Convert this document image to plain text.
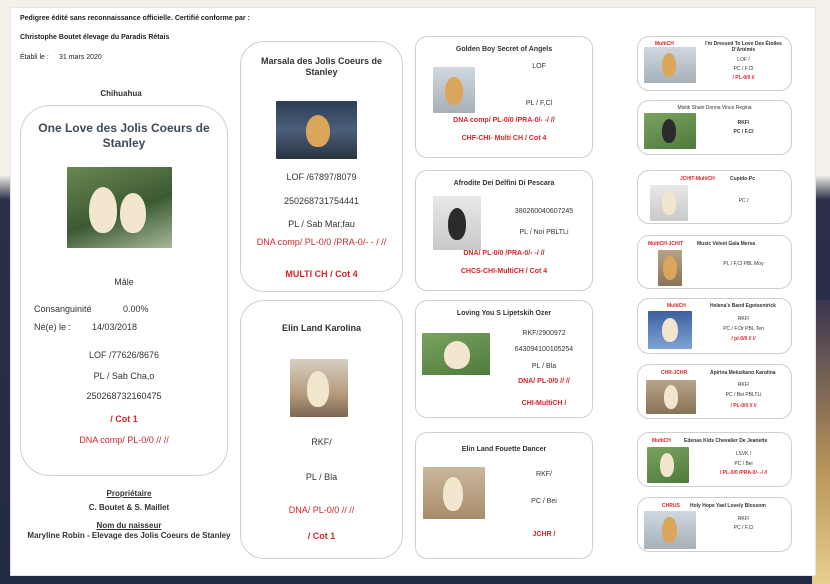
Pedigree édité sans reconnaissance officielle. Certifié conforme par :
Christophe Boutet élevage du Paradis Rétais
Établi le : 31 mars 2020
Chihuahua
One Love des Jolis Coeurs de Stanley
Mâle
Consanguinité	0.00%
Né(e) le : 14/03/2018
LOF /77626/8676
PL / Sab Cha,o
250268732160475
/ Cot 1
DNA comp/ PL-0/0 // //
Propriétaire
C. Boutet & S. Maillet
Nom du naisseur
Maryline Robin - Elevage des Jolis Coeurs de Stanley
Marsala des Jolis Coeurs de Stanley
LOF /67897/8079
250268731754441
PL / Sab Mar,fau
DNA comp/ PL-0/0 /PRA-0/- - / //
MULTI CH / Cot 4
Elin Land Karolina
RKF/
PL / Bla
DNA/ PL-0/0 // //
/ Cot 1
Golden Boy Secret of Angels
LOF
PL / F,Cl
DNA comp/ PL-0/0 /PRA-0/- -/ //
CHF-CHI- Multi CH / Cot 4
Afrodite Dei Delfini Di Pescara
380260040607245
PL / Noi PBLTLi
DNA/ PL-0/0 /PRA-0/- -/ //
CHCS-CHI-MultiCH / Cot 4
Loving You S Lipetskih Ozer
RKF/2900972
643094100105254
PL / Bla
DNA/ PL-0/0 // //
CHI-MultiCH /
Elin Land Fouette Dancer
RKF/
PC / Bei
JCHR /
MultiCH	I'm Dressed To Love Des Étoiles D'Artémis
LOF /
PC / F,Cl
/ PL-0/0 //
Mistik Shain Donna Vince Regina
RKF/
PC / F,Cl
JCHIT-MultiCH	Cupido-Pc
PC /
MultiCH-JCHIT	Music Velvet Gala Mersa
PL / F,Cl PBL Moy
MultiCH	Helena's Band Egotsentrick
RKF/
PC / F,Or PBL Ten
/ pl-0/0 // //
CHR-JCHR	Apirina Meksikano Karolina
RKF/
PC / Bei PBLTLi
/ PL-0/0 // //
MultiCH	Edenas Kids Chevalier De Jeanette
LSVK /
PC / Bei
/ PL-0/0 /PRA-0/- -/ //
CHRUS Holy Hope Yael Lovely Blossom
RKF/
PC / F,Cl
